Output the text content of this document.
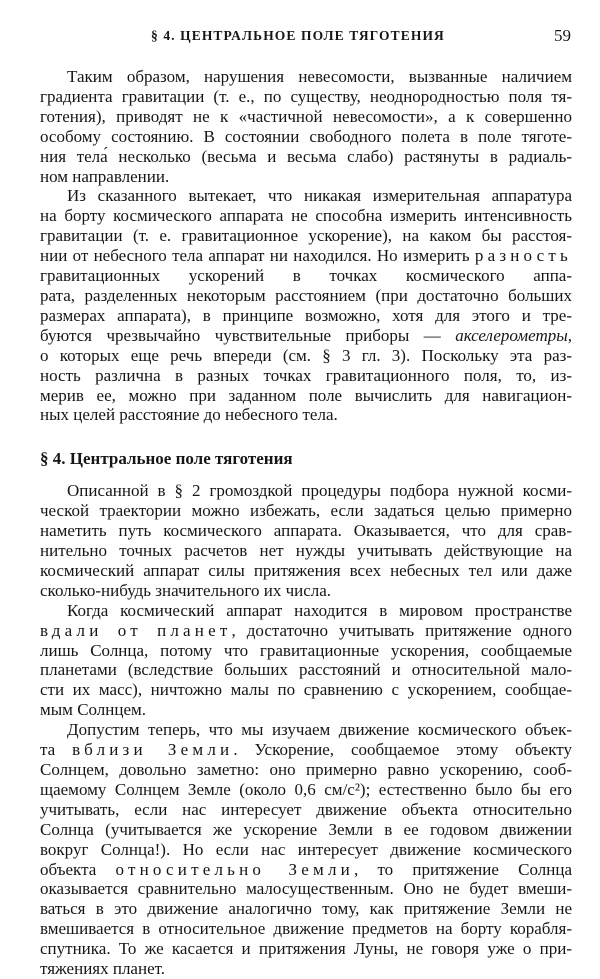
§ 4. ЦЕНТРАЛЬНОЕ ПОЛЕ ТЯГОТЕНИЯ	59

Таким образом, нарушения невесомости, вызванные наличием
градиента гравитации (т. е., по существу, неоднородностью поля тя-
готения), приводят не к «частичной невесомости», а к совершенно
особому состоянию. В состоянии свободного полета в поле тяготе-
ния тела́ несколько (весьма и весьма слабо) растянуты в радиаль-
ном направлении.

Из сказанного вытекает, что никакая измерительная аппаратура
на борту космического аппарата не способна измерить интенсивность
гравитации (т. е. гравитационное ускорение), на каком бы расстоя-
нии от небесного тела аппарат ни находился. Но измерить разность
гравитационных ускорений в точках космического аппа-
рата, разделенных некоторым расстоянием (при достаточно больших
размерах аппарата), в принципе возможно, хотя для этого и тре-
буются чрезвычайно чувствительные приборы — акселерометры,
о которых еще речь впереди (см. § 3 гл. 3). Поскольку эта раз-
ность различна в разных точках гравитационного поля, то, из-
мерив ее, можно при заданном поле вычислить для навигацион-
ных целей расстояние до небесного тела.

§ 4. Центральное поле тяготения

Описанной в § 2 громоздкой процедуры подбора нужной косми-
ческой траектории можно избежать, если задаться целью примерно
наметить путь космического аппарата. Оказывается, что для срав-
нительно точных расчетов нет нужды учитывать действующие на
космический аппарат силы притяжения всех небесных тел или даже
сколько-нибудь значительного их числа.

Когда космический аппарат находится в мировом пространстве
вдали от планет, достаточно учитывать притяжение одного
лишь Солнца, потому что гравитационные ускорения, сообщаемые
планетами (вследствие больших расстояний и относительной мало-
сти их масс), ничтожно малы по сравнению с ускорением, сообщае-
мым Солнцем.

Допустим теперь, что мы изучаем движение космического объек-
та вблизи Земли. Ускорение, сообщаемое этому объекту
Солнцем, довольно заметно: оно примерно равно ускорению, сооб-
щаемому Солнцем Земле (около 0,6 см/с²); естественно было бы его
учитывать, если нас интересует движение объекта относительно
Солнца (учитывается же ускорение Земли в ее годовом движении
вокруг Солнца!). Но если нас интересует движение космического
объекта относительно Земли, то притяжение Солнца
оказывается сравнительно малосущественным. Оно не будет вмеши-
ваться в это движение аналогично тому, как притяжение Земли не
вмешивается в относительное движение предметов на борту корабля-
спутника. То же касается и притяжения Луны, не говоря уже о при-
тяжениях планет.
